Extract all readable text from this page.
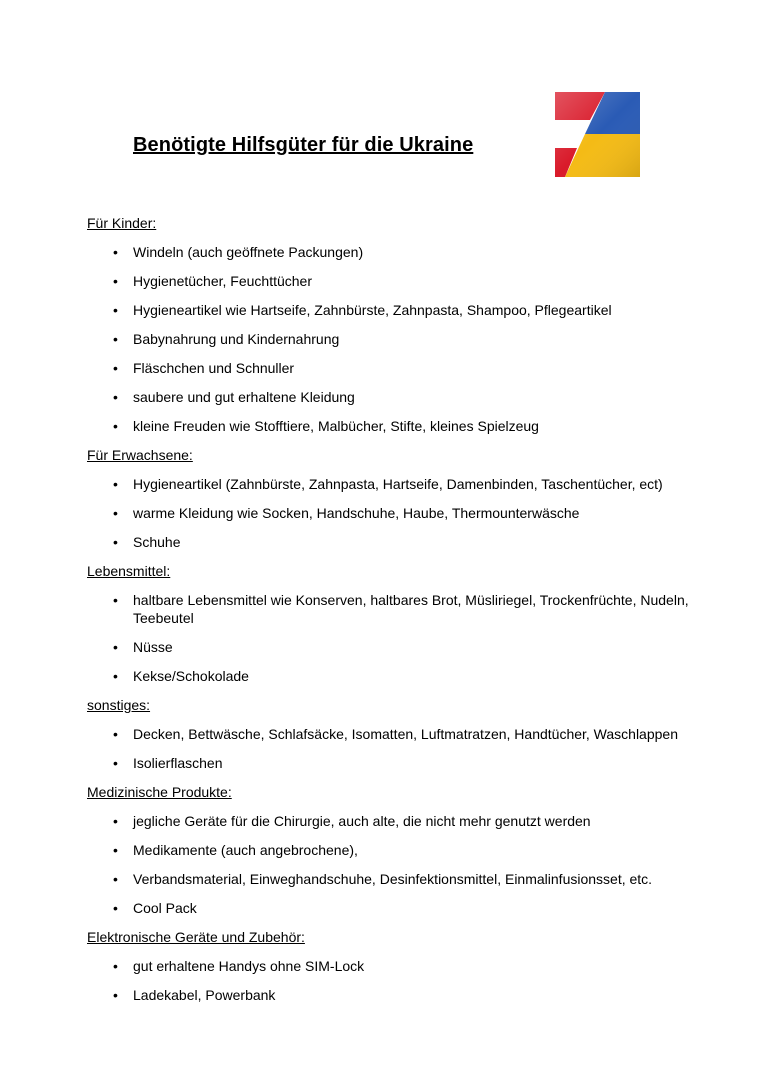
Benötigte Hilfsgüter für die Ukraine
Für Kinder:
• Windeln (auch geöffnete Packungen)
• Hygienetücher, Feuchttücher
• Hygieneartikel wie Hartseife, Zahnbürste, Zahnpasta, Shampoo, Pflegeartikel
• Babynahrung und Kindernahrung
• Fläschchen und Schnuller
• saubere und gut erhaltene Kleidung
• kleine Freuden wie Stofftiere, Malbücher, Stifte, kleines Spielzeug
Für Erwachsene:
• Hygieneartikel (Zahnbürste, Zahnpasta, Hartseife, Damenbinden, Taschentücher, ect)
• warme Kleidung wie Socken, Handschuhe, Haube, Thermounterwäsche
• Schuhe
Lebensmittel:
• haltbare Lebensmittel wie Konserven, haltbares Brot, Müsliriegel, Trockenfrüchte, Nudeln, Teebeutel
• Nüsse
• Kekse/Schokolade
sonstiges:
• Decken, Bettwäsche, Schlafsäcke, Isomatten, Luftmatratzen, Handtücher, Waschlappen
• Isolierflaschen
Medizinische Produkte:
• jegliche Geräte für die Chirurgie, auch alte, die nicht mehr genutzt werden
• Medikamente (auch angebrochene),
• Verbandsmaterial, Einweghandschuhe, Desinfektionsmittel, Einmalinfusionsset, etc.
• Cool Pack
Elektronische Geräte und Zubehör:
• gut erhaltene Handys ohne SIM-Lock
• Ladekabel, Powerbank
